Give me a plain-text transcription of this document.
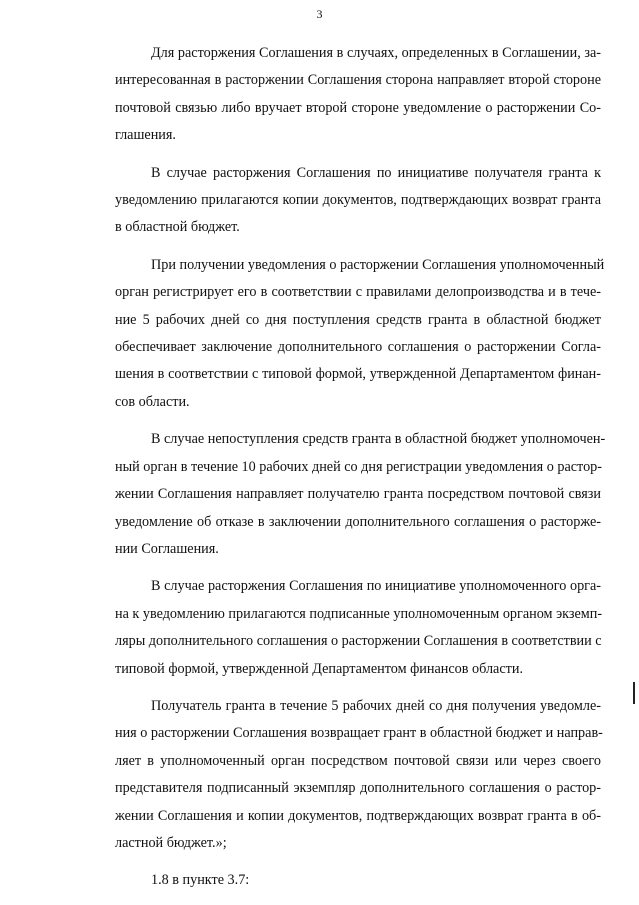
3

Для расторжения Соглашения в случаях, определенных в Соглашении, за-
интересованная в расторжении Соглашения сторона направляет второй стороне
почтовой связью либо вручает второй стороне уведомление о расторжении Со-
глашения.

В случае расторжения Соглашения по инициативе получателя гранта к
уведомлению прилагаются копии документов, подтверждающих возврат гранта
в областной бюджет.

При получении уведомления о расторжении Соглашения уполномоченный
орган регистрирует его в соответствии с правилами делопроизводства и в тече-
ние 5 рабочих дней со дня поступления средств гранта в областной бюджет
обеспечивает заключение дополнительного соглашения о расторжении Согла-
шения в соответствии с типовой формой, утвержденной Департаментом финан-
сов области.

В случае непоступления средств гранта в областной бюджет уполномочен-
ный орган в течение 10 рабочих дней со дня регистрации уведомления о растор-
жении Соглашения направляет получателю гранта посредством почтовой связи
уведомление об отказе в заключении дополнительного соглашения о расторже-
нии Соглашения.

В случае расторжения Соглашения по инициативе уполномоченного орга-
на к уведомлению прилагаются подписанные уполномоченным органом экземп-
ляры дополнительного соглашения о расторжении Соглашения в соответствии с
типовой формой, утвержденной Департаментом финансов области.

Получатель гранта в течение 5 рабочих дней со дня получения уведомле-
ния о расторжении Соглашения возвращает грант в областной бюджет и направ-
ляет в уполномоченный орган посредством почтовой связи или через своего
представителя подписанный экземпляр дополнительного соглашения о растор-
жении Соглашения и копии документов, подтверждающих возврат гранта в об-
ластной бюджет.»;

1.8 в пункте 3.7:
